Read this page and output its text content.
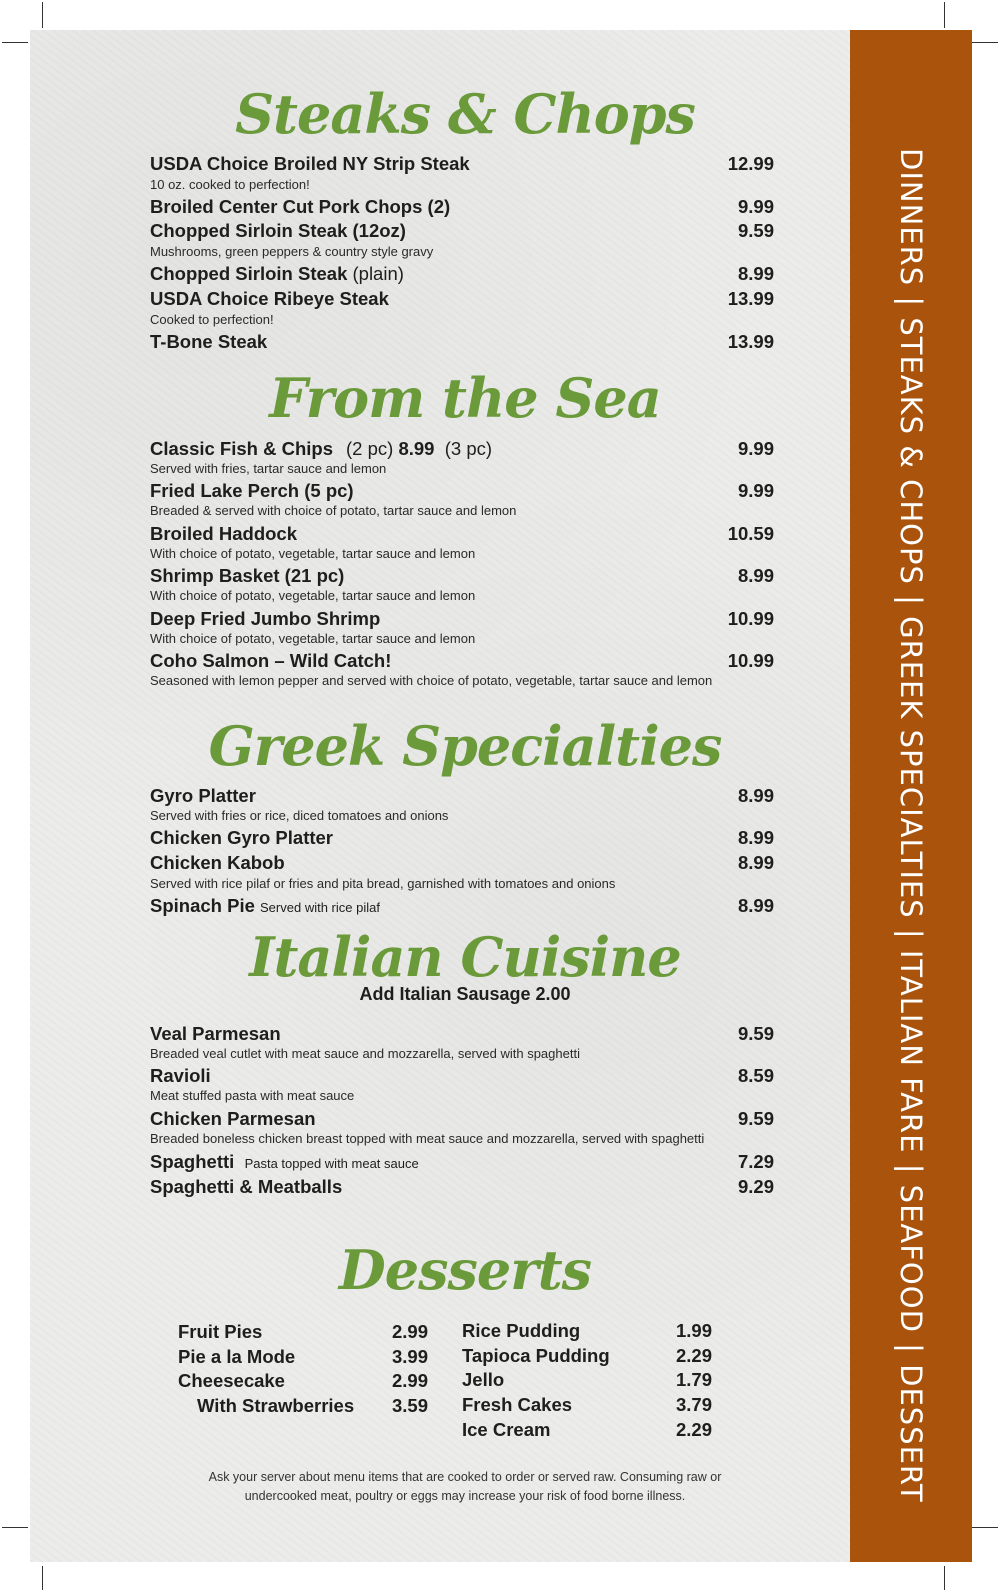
DINNERS | STEAKS & CHOPS | GREEK SPECIALTIES | ITALIAN FARE | SEAFOOD | DESSERT
Steaks & Chops
USDA Choice Broiled NY Strip Steak	12.99
10 oz. cooked to perfection!
Broiled Center Cut Pork Chops (2)	9.99
Chopped Sirloin Steak (12oz)	9.59
Mushrooms, green peppers & country style gravy
Chopped Sirloin Steak (plain)	8.99
USDA Choice Ribeye Steak	13.99
Cooked to perfection!
T-Bone Steak	13.99
From the Sea
Classic Fish & Chips (2 pc) 8.99 (3 pc)	9.99
Served with fries, tartar sauce and lemon
Fried Lake Perch (5 pc)	9.99
Breaded & served with choice of potato, tartar sauce and lemon
Broiled Haddock	10.59
With choice of potato, vegetable, tartar sauce and lemon
Shrimp Basket (21 pc)	8.99
With choice of potato, vegetable, tartar sauce and lemon
Deep Fried Jumbo Shrimp	10.99
With choice of potato, vegetable, tartar sauce and lemon
Coho Salmon – Wild Catch!	10.99
Seasoned with lemon pepper and served with choice of potato, vegetable, tartar sauce and lemon
Greek Specialties
Gyro Platter	8.99
Served with fries or rice, diced tomatoes and onions
Chicken Gyro Platter	8.99
Chicken Kabob	8.99
Served with rice pilaf or fries and pita bread, garnished with tomatoes and onions
Spinach Pie Served with rice pilaf	8.99
Italian Cuisine
Add Italian Sausage 2.00
Veal Parmesan	9.59
Breaded veal cutlet with meat sauce and mozzarella, served with spaghetti
Ravioli	8.59
Meat stuffed pasta with meat sauce
Chicken Parmesan	9.59
Breaded boneless chicken breast topped with meat sauce and mozzarella, served with spaghetti
Spaghetti Pasta topped with meat sauce	7.29
Spaghetti & Meatballs	9.29
Desserts
Fruit Pies	2.99
Pie a la Mode	3.99
Cheesecake	2.99
With Strawberries	3.59
Rice Pudding	1.99
Tapioca Pudding	2.29
Jello	1.79
Fresh Cakes	3.79
Ice Cream	2.29
Ask your server about menu items that are cooked to order or served raw. Consuming raw or
undercooked meat, poultry or eggs may increase your risk of food borne illness.
